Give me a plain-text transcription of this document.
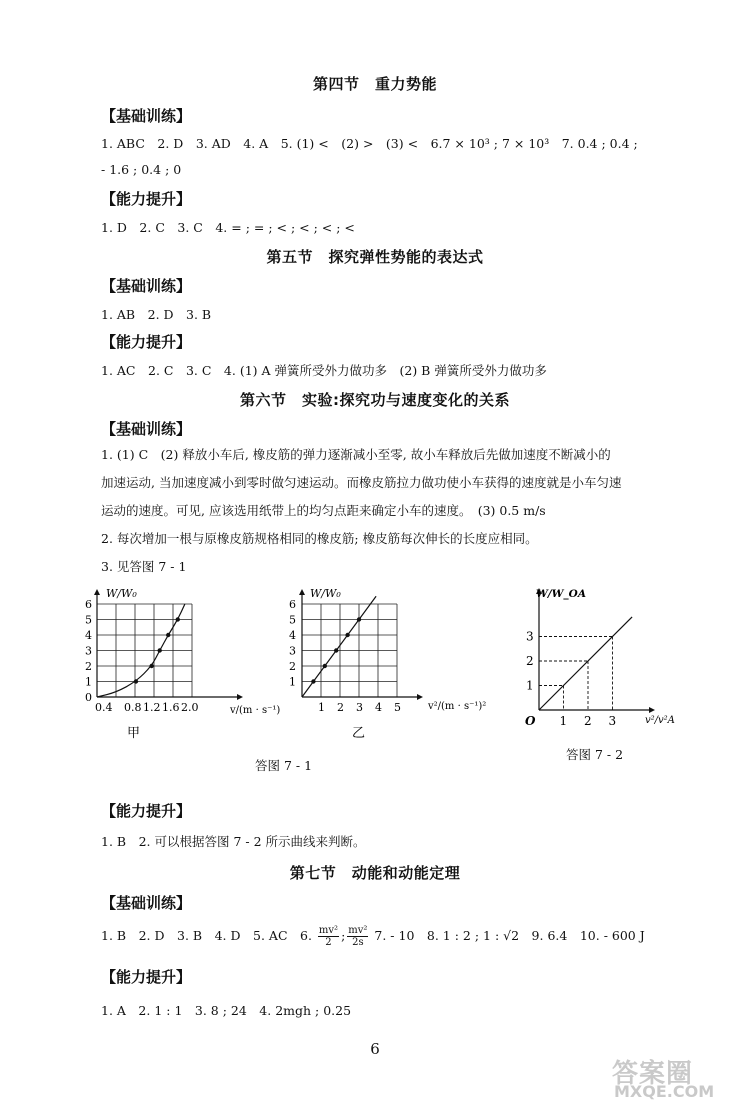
第四节　重力势能
【基础训练】
1. ABC　2. D　3. AD　4. A　5. (1) <　(2) >　(3) <　6.7 × 10³ ; 7 × 10³　7. 0.4 ; 0.4 ;
- 1.6 ; 0.4 ; 0
【能力提升】
1. D　2. C　3. C　4. = ; = ; < ; < ; < ; <
第五节　探究弹性势能的表达式
【基础训练】
1. AB　2. D　3. B
【能力提升】
1. AC　2. C　3. C　4. (1) A 弹簧所受外力做功多　(2) B 弹簧所受外力做功多
第六节　实验:探究功与速度变化的关系
【基础训练】
1. (1) C　(2) 释放小车后, 橡皮筋的弹力逐渐减小至零, 故小车释放后先做加速度不断减小的
加速运动, 当加速度减小到零时做匀速运动。而橡皮筋拉力做功使小车获得的速度就是小车匀速
运动的速度。可见, 应该选用纸带上的均匀点距来确定小车的速度。　(3) 0.5 m/s
2. 每次增加一根与原橡皮筋规格相同的橡皮筋; 橡皮筋每次伸长的长度应相同。
3. 见答图 7 - 1
0
1
2
3
4
5
6
0.4 0.8 1.2 1.6 2.0
W/W₀
v/(m · s⁻¹)
甲
1
2
3
4
5
6
1 2 3 4 5
W/W₀
v²/(m · s⁻¹)²
乙
1
2
3
1 2 3
O
W/W_OA
v²/v²A
答图 7 - 1
答图 7 - 2
【能力提升】
1. B　2. 可以根据答图 7 - 2 所示曲线来判断。
第七节　动能和动能定理
【基础训练】
1. B　2. D　3. B　4. D　5. AC　6. $\frac{\text{mv²}}{2}$ ; $\frac{\text{mv²}}{2s} 7$. - 10　8. 1 : 2 ; 1 : √2　9. 6.4　10. - 600 J
【能力提升】
1. A　2. 1 : 1　3. 8 ; 24　4. 2mgh ; 0.25
6
答案圈
MXQE.COM
